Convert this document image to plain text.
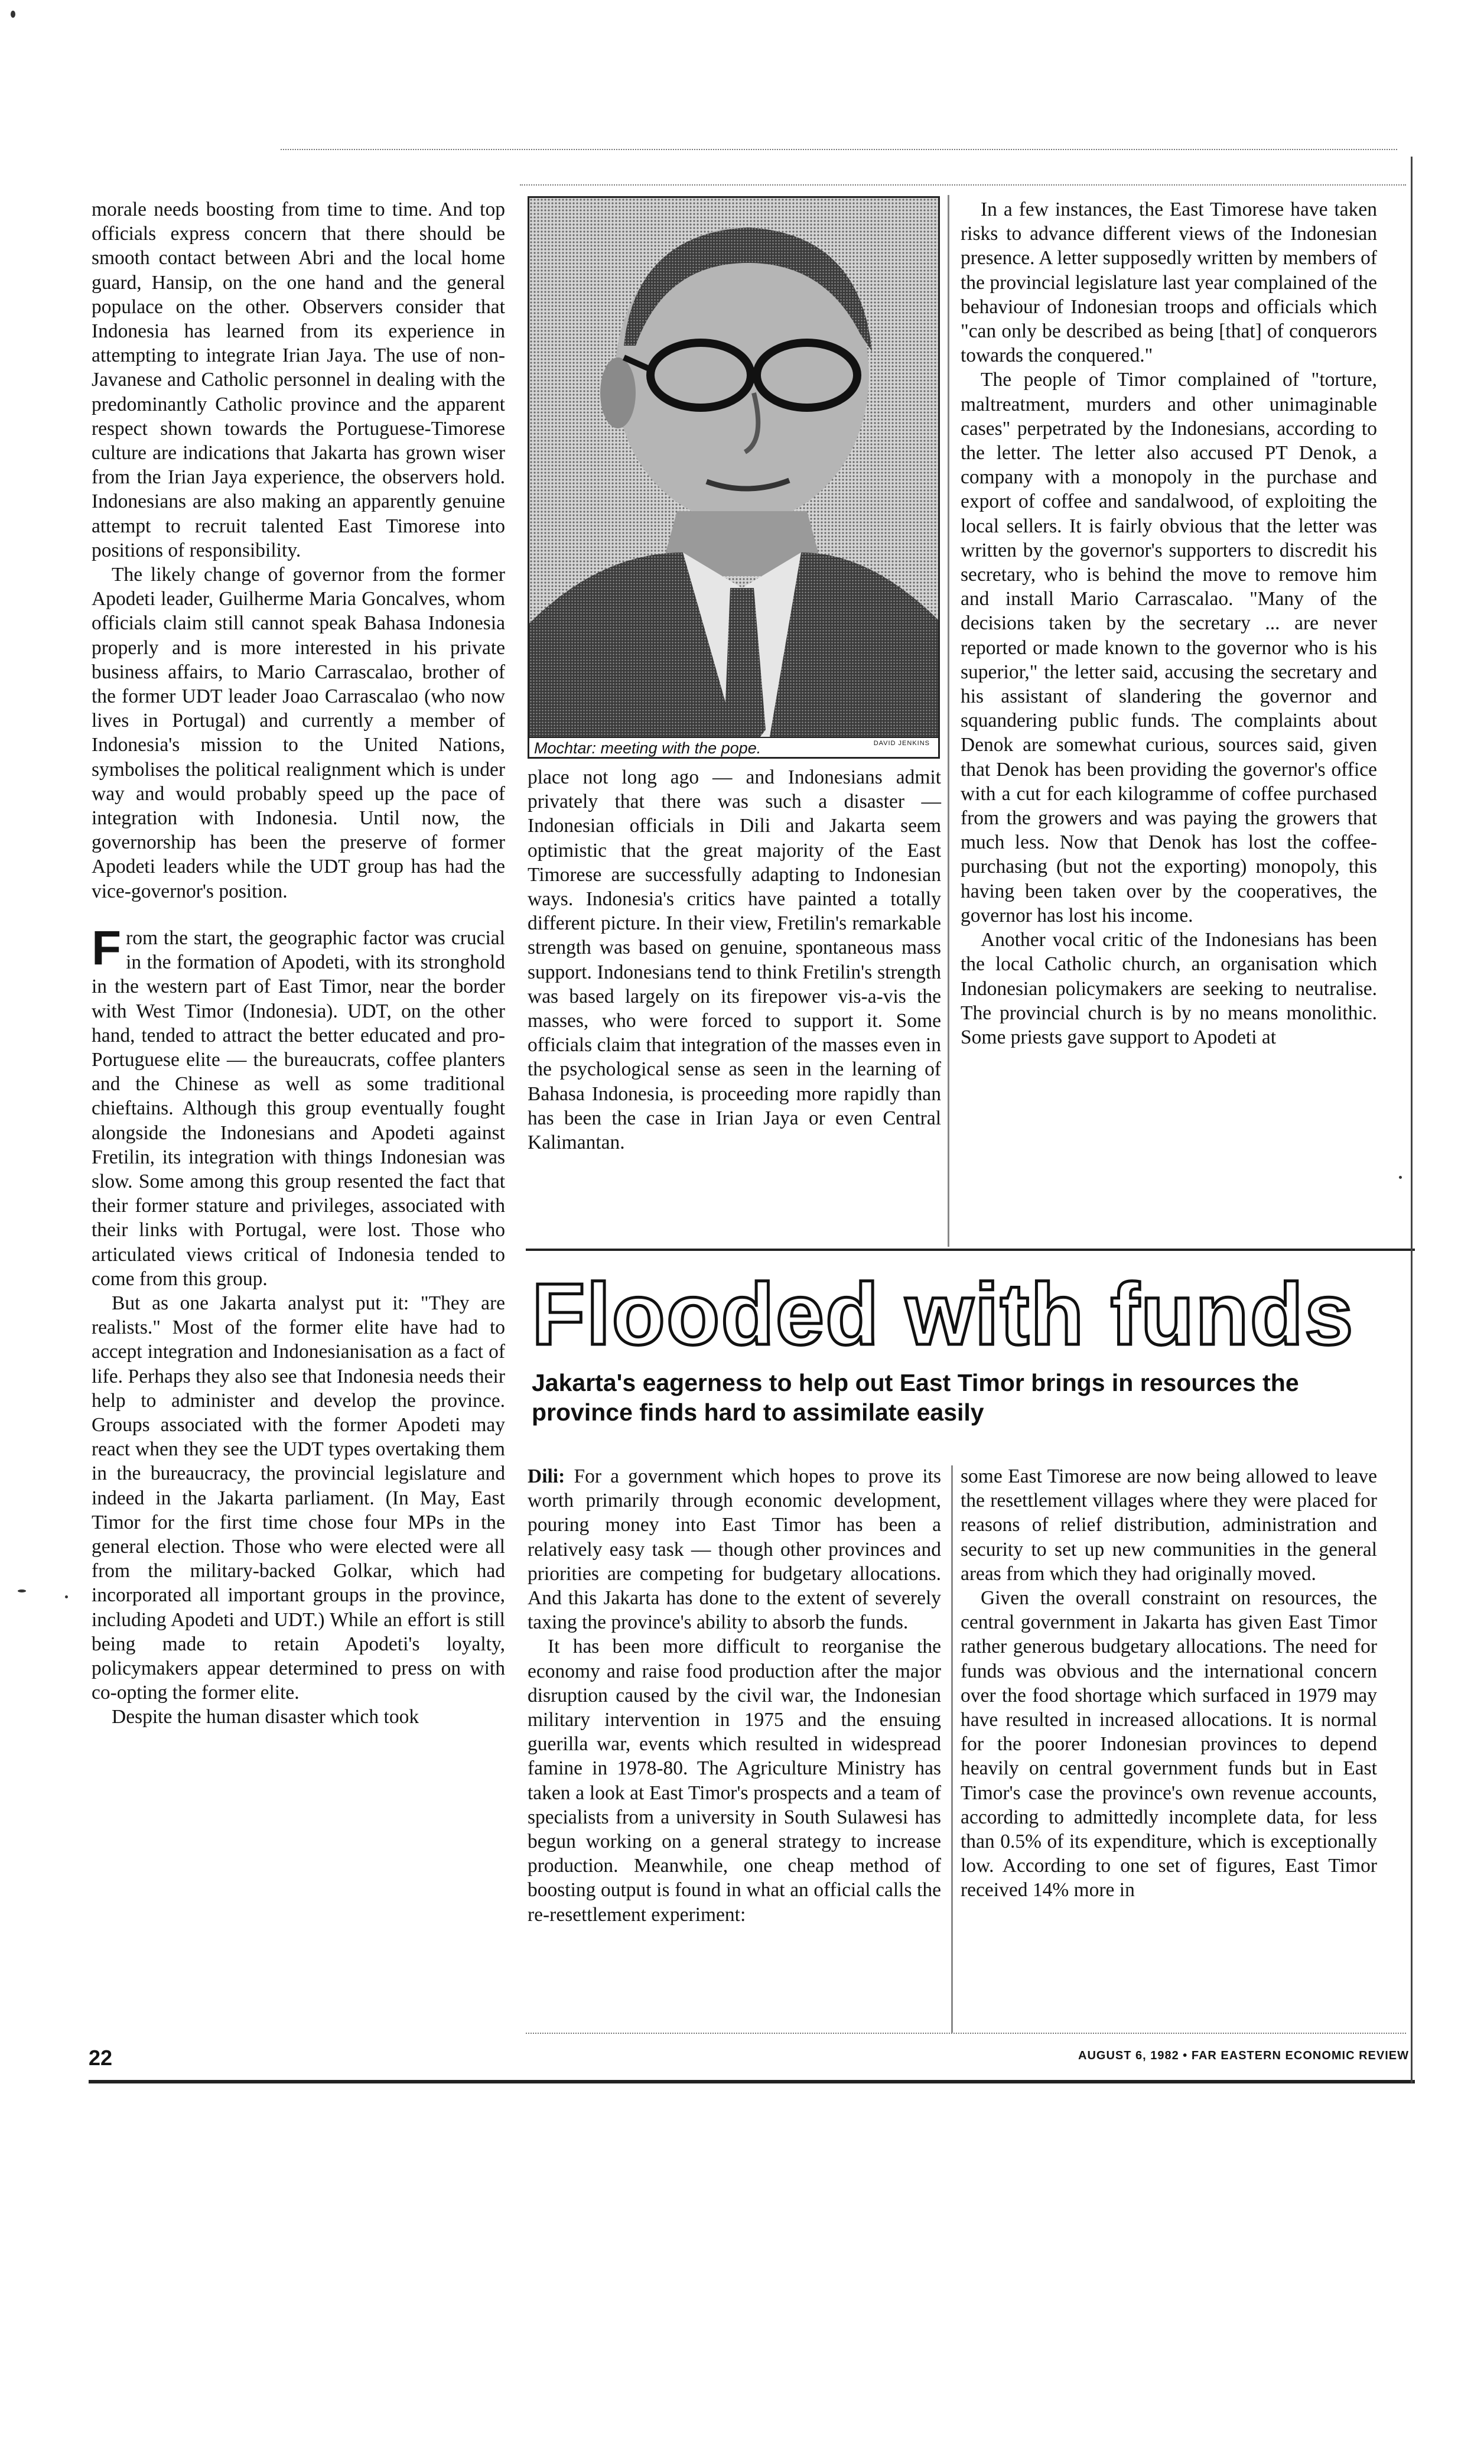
morale needs boosting from time to time. And top officials express concern that there should be smooth contact between Abri and the local home guard, Hansip, on the one hand and the general populace on the other. Observers consider that Indonesia has learned from its experience in attempting to integrate Irian Jaya. The use of non-Javanese and Catholic personnel in dealing with the predominantly Catholic province and the apparent respect shown towards the Portuguese-Timorese culture are indications that Jakarta has grown wiser from the Irian Jaya experience, the observers hold. Indonesians are also making an apparently genuine attempt to recruit talented East Timorese into positions of responsibility.

The likely change of governor from the former Apodeti leader, Guilherme Maria Goncalves, whom officials claim still cannot speak Bahasa Indonesia properly and is more interested in his private business affairs, to Mario Carrascalao, brother of the former UDT leader Joao Carrascalao (who now lives in Portugal) and currently a member of Indonesia's mission to the United Nations, symbolises the political realignment which is under way and would probably speed up the pace of integration with Indonesia. Until now, the governorship has been the preserve of former Apodeti leaders while the UDT group has had the vice-governor's position.

From the start, the geographic factor was crucial in the formation of Apodeti, with its stronghold in the western part of East Timor, near the border with West Timor (Indonesia). UDT, on the other hand, tended to attract the better educated and pro-Portuguese elite — the bureaucrats, coffee planters and the Chinese as well as some traditional chieftains. Although this group eventually fought alongside the Indonesians and Apodeti against Fretilin, its integration with things Indonesian was slow. Some among this group resented the fact that their former stature and privileges, associated with their links with Portugal, were lost. Those who articulated views critical of Indonesia tended to come from this group.

But as one Jakarta analyst put it: "They are realists." Most of the former elite have had to accept integration and Indonesianisation as a fact of life. Perhaps they also see that Indonesia needs their help to administer and develop the province. Groups associated with the former Apodeti may react when they see the UDT types overtaking them in the bureaucracy, the provincial legislature and indeed in the Jakarta parliament. (In May, East Timor for the first time chose four MPs in the general election. Those who were elected were all from the military-backed Golkar, which had incorporated all important groups in the province, including Apodeti and UDT.) While an effort is still being made to retain Apodeti's loyalty, policymakers appear determined to press on with co-opting the former elite.

Despite the human disaster which took

Mochtar: meeting with the pope.	DAVID JENKINS

place not long ago — and Indonesians admit privately that there was such a disaster — Indonesian officials in Dili and Jakarta seem optimistic that the great majority of the East Timorese are successfully adapting to Indonesian ways. Indonesia's critics have painted a totally different picture. In their view, Fretilin's remarkable strength was based on genuine, spontaneous mass support. Indonesians tend to think Fretilin's strength was based largely on its firepower vis-a-vis the masses, who were forced to support it. Some officials claim that integration of the masses even in the psychological sense as seen in the learning of Bahasa Indonesia, is proceeding more rapidly than has been the case in Irian Jaya or even Central Kalimantan.

In a few instances, the East Timorese have taken risks to advance different views of the Indonesian presence. A letter supposedly written by members of the provincial legislature last year complained of the behaviour of Indonesian troops and officials which "can only be described as being [that] of conquerors towards the conquered."

The people of Timor complained of "torture, maltreatment, murders and other unimaginable cases" perpetrated by the Indonesians, according to the letter. The letter also accused PT Denok, a company with a monopoly in the purchase and export of coffee and sandalwood, of exploiting the local sellers. It is fairly obvious that the letter was written by the governor's supporters to discredit his secretary, who is behind the move to remove him and install Mario Carrascalao. "Many of the decisions taken by the secretary ... are never reported or made known to the governor who is his superior," the letter said, accusing the secretary and his assistant of slandering the governor and squandering public funds. The complaints about Denok are somewhat curious, sources said, given that Denok has been providing the governor's office with a cut for each kilogramme of coffee purchased from the growers and was paying the growers that much less. Now that Denok has lost the coffee-purchasing (but not the exporting) monopoly, this having been taken over by the cooperatives, the governor has lost his income.

Another vocal critic of the Indonesians has been the local Catholic church, an organisation which Indonesian policymakers are seeking to neutralise. The provincial church is by no means monolithic. Some priests gave support to Apodeti at

Flooded with funds
Jakarta's eagerness to help out East Timor brings in resources the province finds hard to assimilate easily

Dili: For a government which hopes to prove its worth primarily through economic development, pouring money into East Timor has been a relatively easy task — though other provinces and priorities are competing for budgetary allocations. And this Jakarta has done to the extent of severely taxing the province's ability to absorb the funds.

It has been more difficult to reorganise the economy and raise food production after the major disruption caused by the civil war, the Indonesian military intervention in 1975 and the ensuing guerilla war, events which resulted in widespread famine in 1978-80. The Agriculture Ministry has taken a look at East Timor's prospects and a team of specialists from a university in South Sulawesi has begun working on a general strategy to increase production. Meanwhile, one cheap method of boosting output is found in what an official calls the re-resettlement experiment:

some East Timorese are now being allowed to leave the resettlement villages where they were placed for reasons of relief distribution, administration and security to set up new communities in the general areas from which they had originally moved.

Given the overall constraint on resources, the central government in Jakarta has given East Timor rather generous budgetary allocations. The need for funds was obvious and the international concern over the food shortage which surfaced in 1979 may have resulted in increased allocations. It is normal for the poorer Indonesian provinces to depend heavily on central government funds but in East Timor's case the province's own revenue accounts, according to admittedly incomplete data, for less than 0.5% of its expenditure, which is exceptionally low. According to one set of figures, East Timor received 14% more in

22	AUGUST 6, 1982 • FAR EASTERN ECONOMIC REVIEW
